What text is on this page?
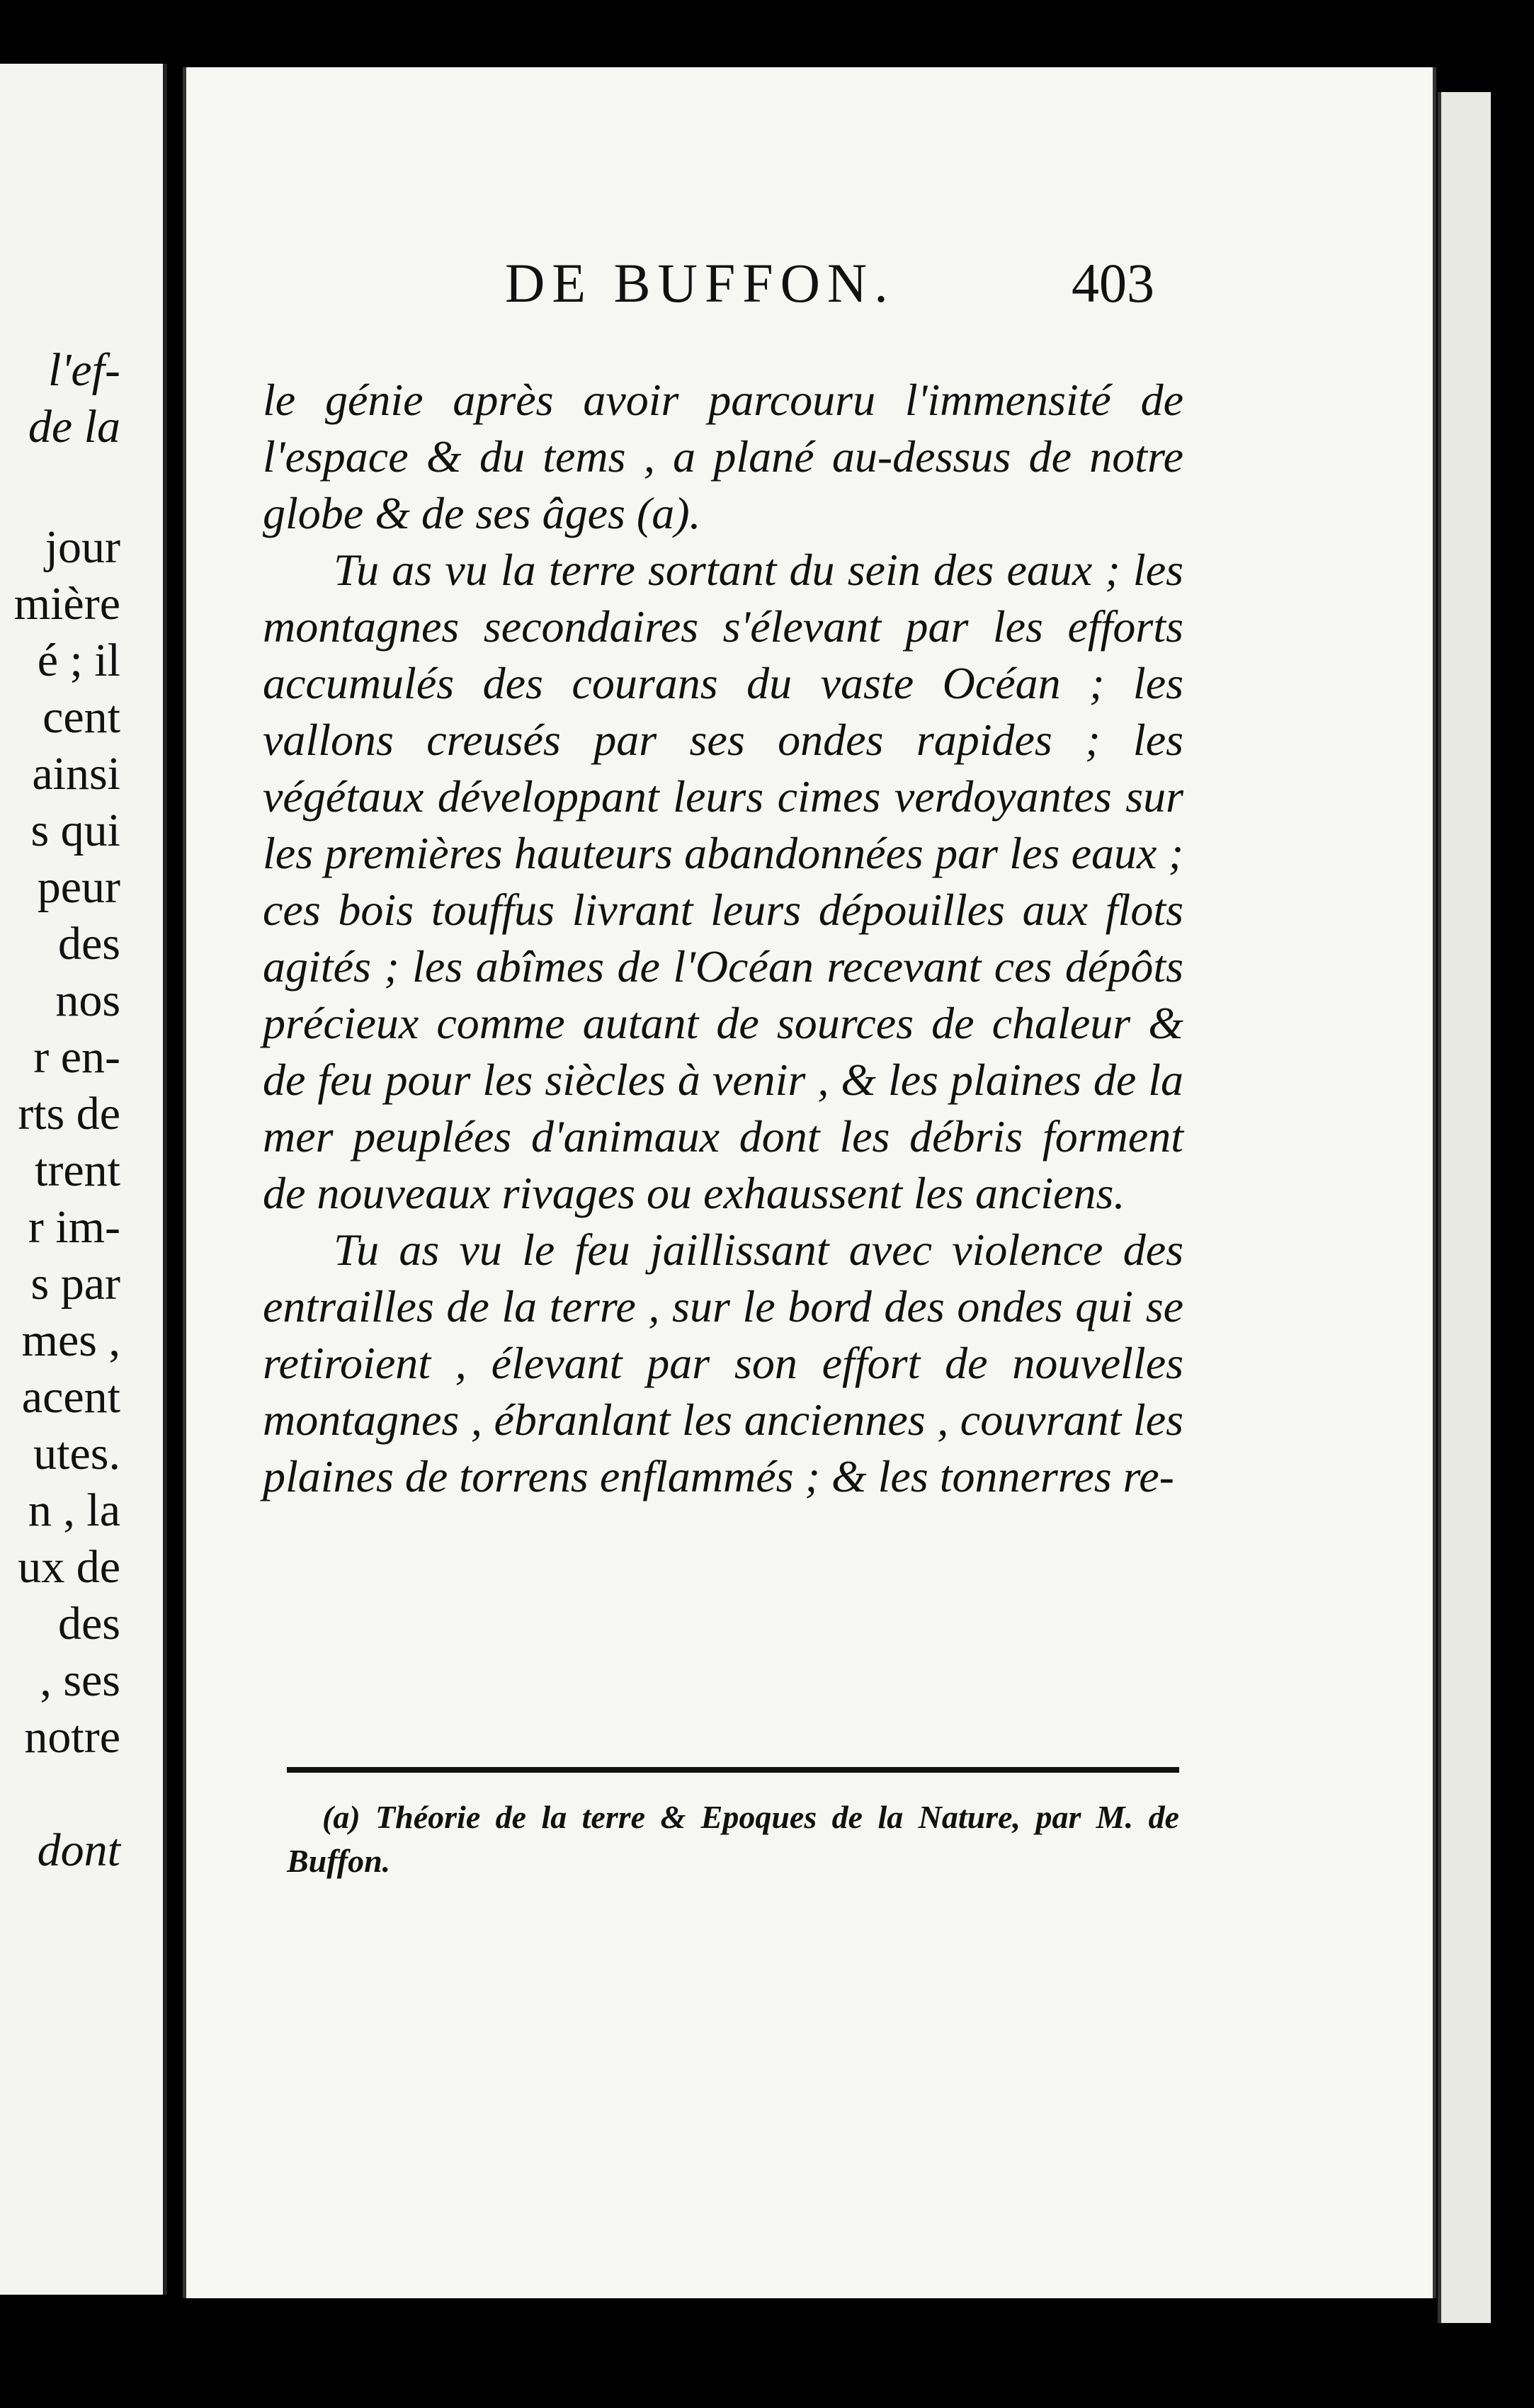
l'ef-
de la
jour
mière
é ; il
cent
ainsi
s qui
peur
des
nos
r en-
rts de
trent
r im-
s par
mes ,
acent
utes.
n , la
ux de
des
, ses
notre
dont
DE BUFFON.	403

le génie après avoir parcouru l'immensité de l'espace & du tems , a plané au-dessus de notre globe & de ses âges (a).

Tu as vu la terre sortant du sein des eaux ; les montagnes secondaires s'élevant par les efforts accumulés des courans du vaste Océan ; les vallons creusés par ses ondes rapides ; les végétaux développant leurs cimes verdoyantes sur les premières hauteurs abandonnées par les eaux ; ces bois touffus livrant leurs dépouilles aux flots agités ; les abîmes de l'Océan recevant ces dépôts précieux comme autant de sources de chaleur & de feu pour les siècles à venir , & les plaines de la mer peuplées d'animaux dont les débris forment de nouveaux rivages ou exhaussent les anciens.

Tu as vu le feu jaillissant avec violence des entrailles de la terre , sur le bord des ondes qui se retiroient , élevant par son effort de nouvelles montagnes , ébranlant les anciennes , couvrant les plaines de torrens enflammés ; & les tonnerres re-

(a) Théorie de la terre & Epoques de la Nature, par M. de Buffon.
